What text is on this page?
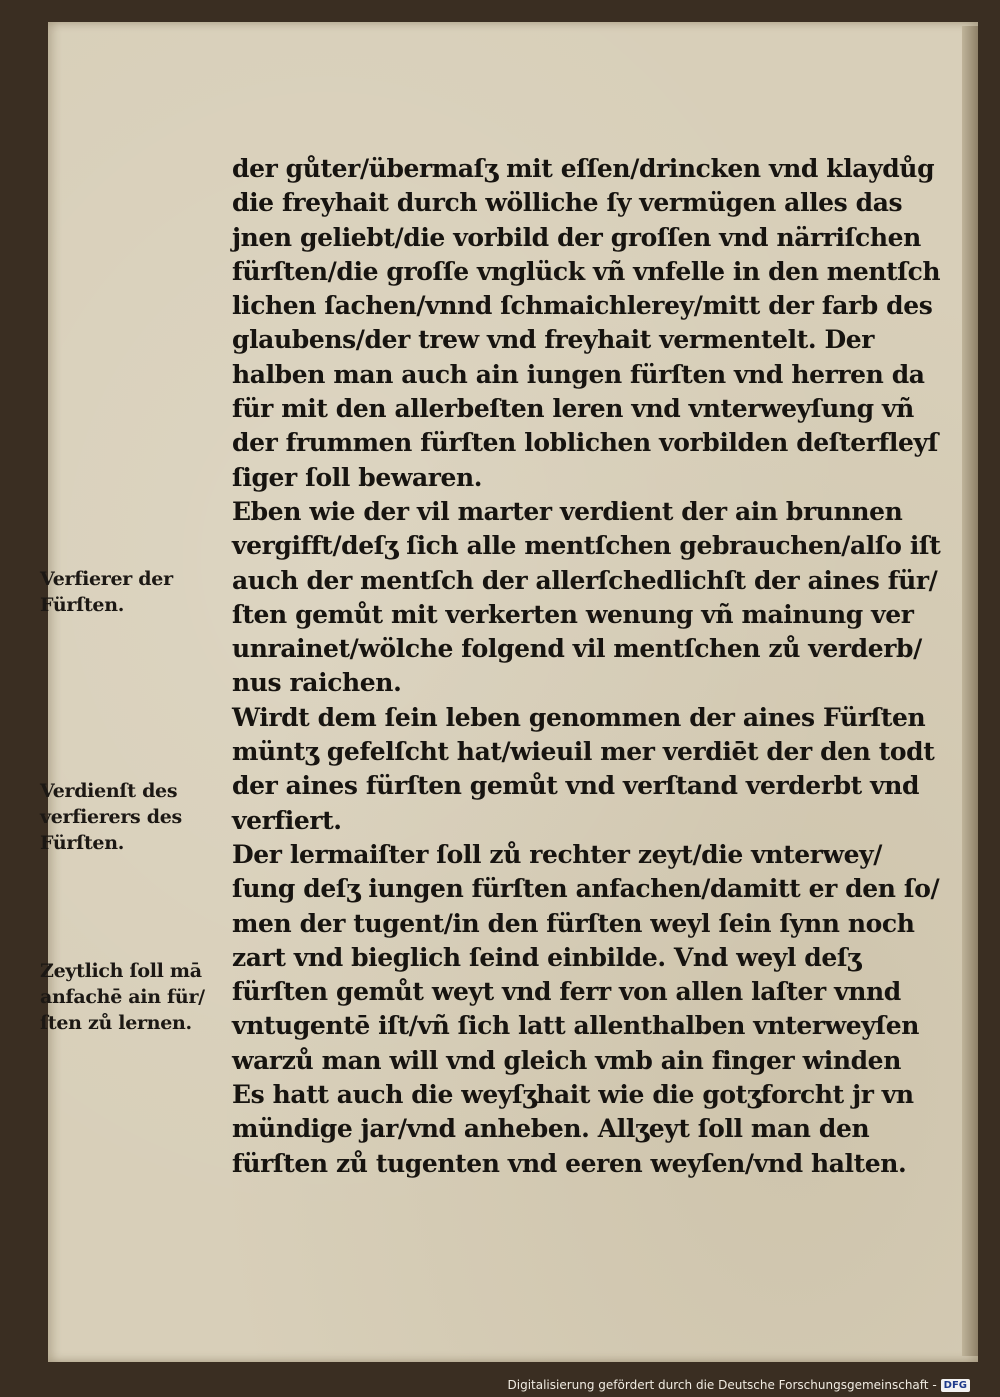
der gůter/übermaſʒ mit eſſen/drincken vnd klaydůg
die freyhait durch wölliche ſy vermügen alles das
jnen geliebt/die vorbild der groſſen vnd närriſchen
fürſten/die groſſe vnglück vñ vnfelle in den mentſch
lichen ſachen/vnnd ſchmaichlerey/mitt der farb des
glaubens/der trew vnd freyhait vermentelt. Der
halben man auch ain iungen fürſten vnd herren da
für mit den allerbeſten leren vnd vnterweyſung vñ
der frummen fürſten loblichen vorbilden deſterfleyſ
ſiger ſoll bewaren.
Eben wie der vil marter verdient der ain brunnen
vergifft/deſʒ ſich alle mentſchen gebrauchen/alſo iſt
auch der mentſch der allerſchedlichſt der aines für/
ſten gemůt mit verkerten wenung vñ mainung ver
unrainet/wölche folgend vil mentſchen zů verderb/
nus raichen.
Wirdt dem ſein leben genommen der aines Fürſten
müntʒ gefelſcht hat/wieuil mer verdiēt der den todt
der aines fürſten gemůt vnd verſtand verderbt vnd
verfiert.
Der lermaiſter ſoll zů rechter zeyt/die vnterwey/
ſung deſʒ iungen fürſten anfachen/damitt er den ſo/
men der tugent/in den fürſten weyl ſein ſynn noch
zart vnd bieglich ſeind einbilde. Vnd weyl deſʒ
fürſten gemůt weyt vnd ferr von allen laſter vnnd
vntugentē iſt/vñ ſich latt allenthalben vnterweyſen
warzů man will vnd gleich vmb ain finger winden
Es hatt auch die weyſʒhait wie die gotʒforcht jr vn
mündige jar/vnd anheben. Allʒeyt ſoll man den
fürſten zů tugenten vnd eeren weyſen/vnd halten.
Verfierer der
Fürſten.
Verdienſt des
verfierers des
Fürſten.
Zeytlich ſoll mā
anfachē ain für/
ſten zů lernen.
Digitalisierung gefördert durch die Deutsche Forschungsgemeinschaft - DFG
